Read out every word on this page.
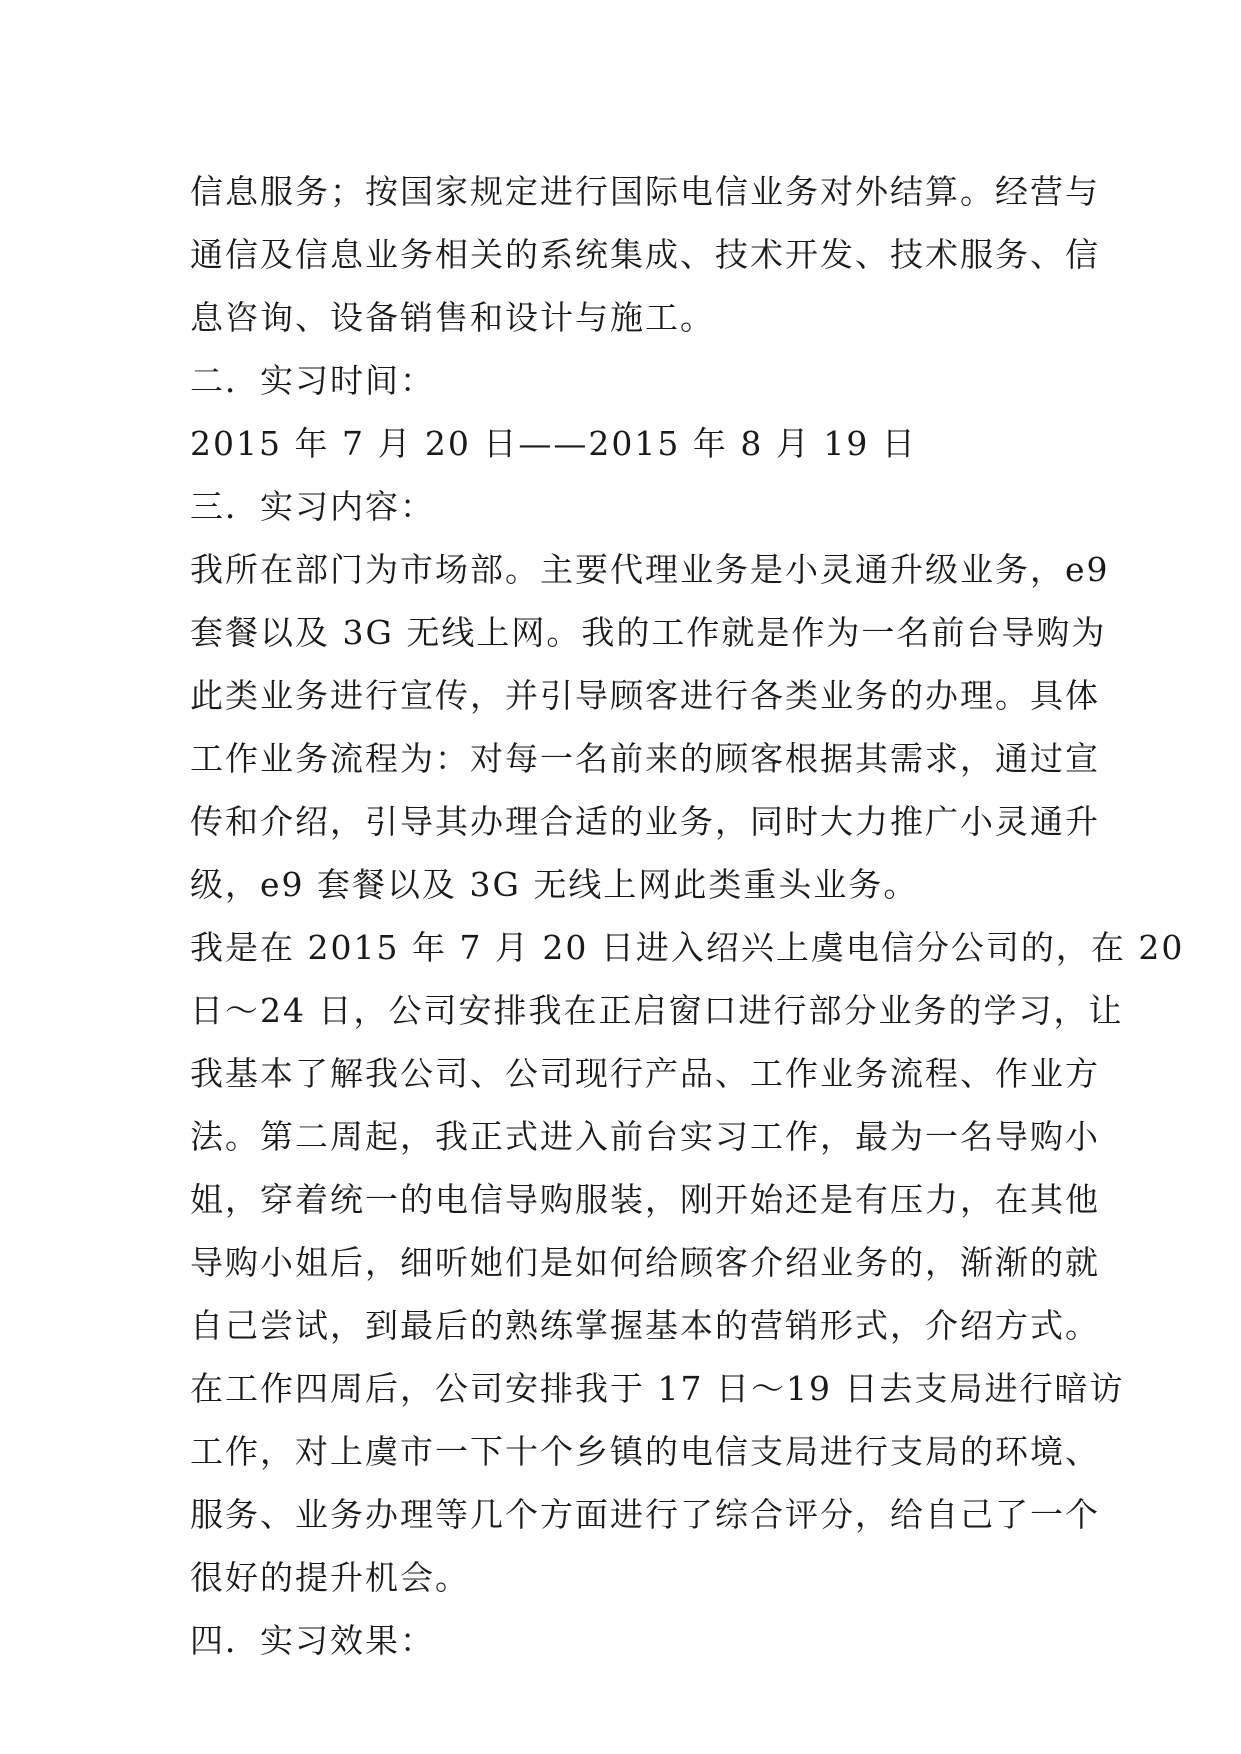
信息服务；按国家规定进行国际电信业务对外结算。经营与
通信及信息业务相关的系统集成、技术开发、技术服务、信
息咨询、设备销售和设计与施工。
二．实习时间：
2015 年 7 月 20 日——2015 年 8 月 19 日
三．实习内容：
我所在部门为市场部。主要代理业务是小灵通升级业务，e9
套餐以及 3G 无线上网。我的工作就是作为一名前台导购为
此类业务进行宣传，并引导顾客进行各类业务的办理。具体
工作业务流程为：对每一名前来的顾客根据其需求，通过宣
传和介绍，引导其办理合适的业务，同时大力推广小灵通升
级，e9 套餐以及 3G 无线上网此类重头业务。
我是在 2015 年 7 月 20 日进入绍兴上虞电信分公司的，在 20
日～24 日，公司安排我在正启窗口进行部分业务的学习，让
我基本了解我公司、公司现行产品、工作业务流程、作业方
法。第二周起，我正式进入前台实习工作，最为一名导购小
姐，穿着统一的电信导购服装，刚开始还是有压力，在其他
导购小姐后，细听她们是如何给顾客介绍业务的，渐渐的就
自己尝试，到最后的熟练掌握基本的营销形式，介绍方式。
在工作四周后，公司安排我于 17 日～19 日去支局进行暗访
工作，对上虞市一下十个乡镇的电信支局进行支局的环境、
服务、业务办理等几个方面进行了综合评分，给自己了一个
很好的提升机会。
四．实习效果：
